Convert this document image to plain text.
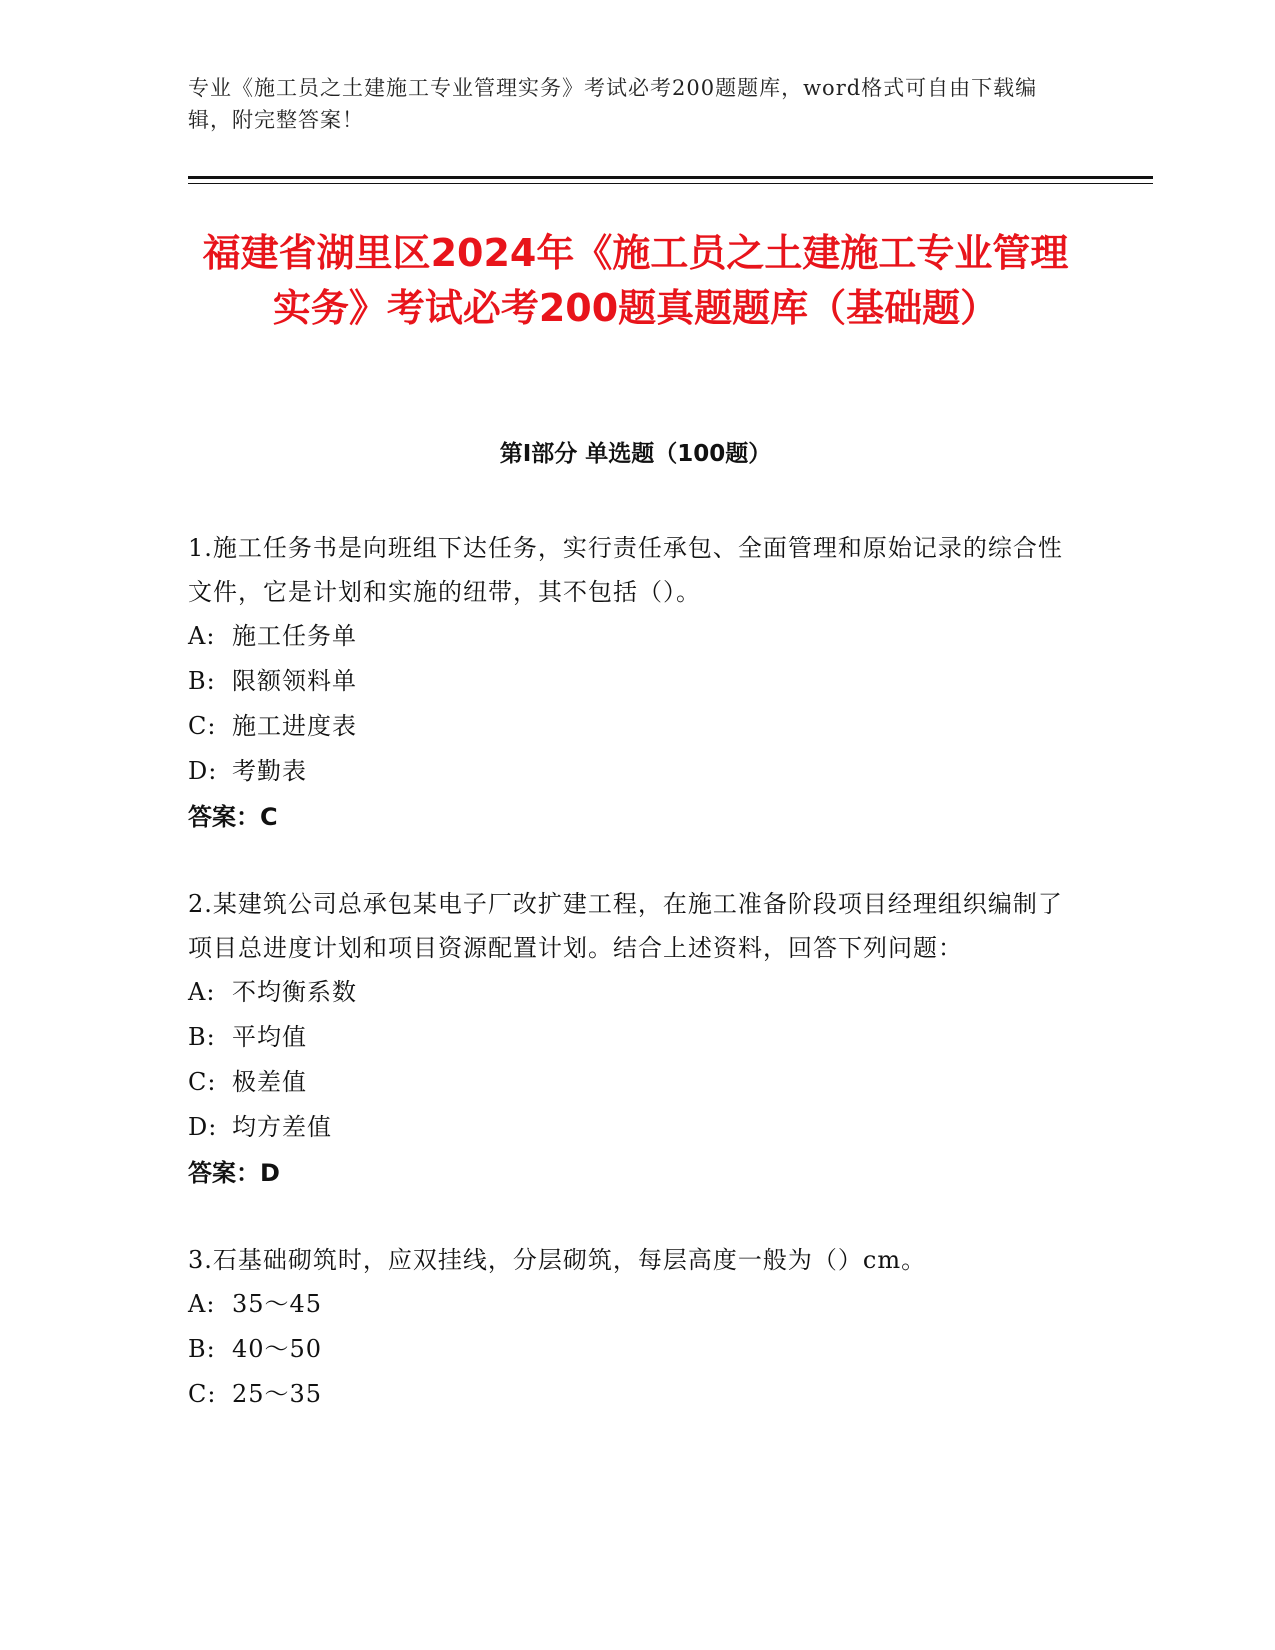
专业《施工员之土建施工专业管理实务》考试必考200题题库，word格式可自由下载编辑，附完整答案！
福建省湖里区2024年《施工员之土建施工专业管理实务》考试必考200题真题题库（基础题）
第Ⅰ部分 单选题（100题）

1.施工任务书是向班组下达任务，实行责任承包、全面管理和原始记录的综合性文件，它是计划和实施的纽带，其不包括（）。

A: 施工任务单

B: 限额领料单

C: 施工进度表

D: 考勤表

答案：C

2.某建筑公司总承包某电子厂改扩建工程，在施工准备阶段项目经理组织编制了项目总进度计划和项目资源配置计划。结合上述资料，回答下列问题：

A: 不均衡系数

B: 平均值

C: 极差值

D: 均方差值

答案：D

3.石基础砌筑时，应双挂线，分层砌筑，每层高度一般为（）cm。

A: 35～45

B: 40～50

C: 25～35
